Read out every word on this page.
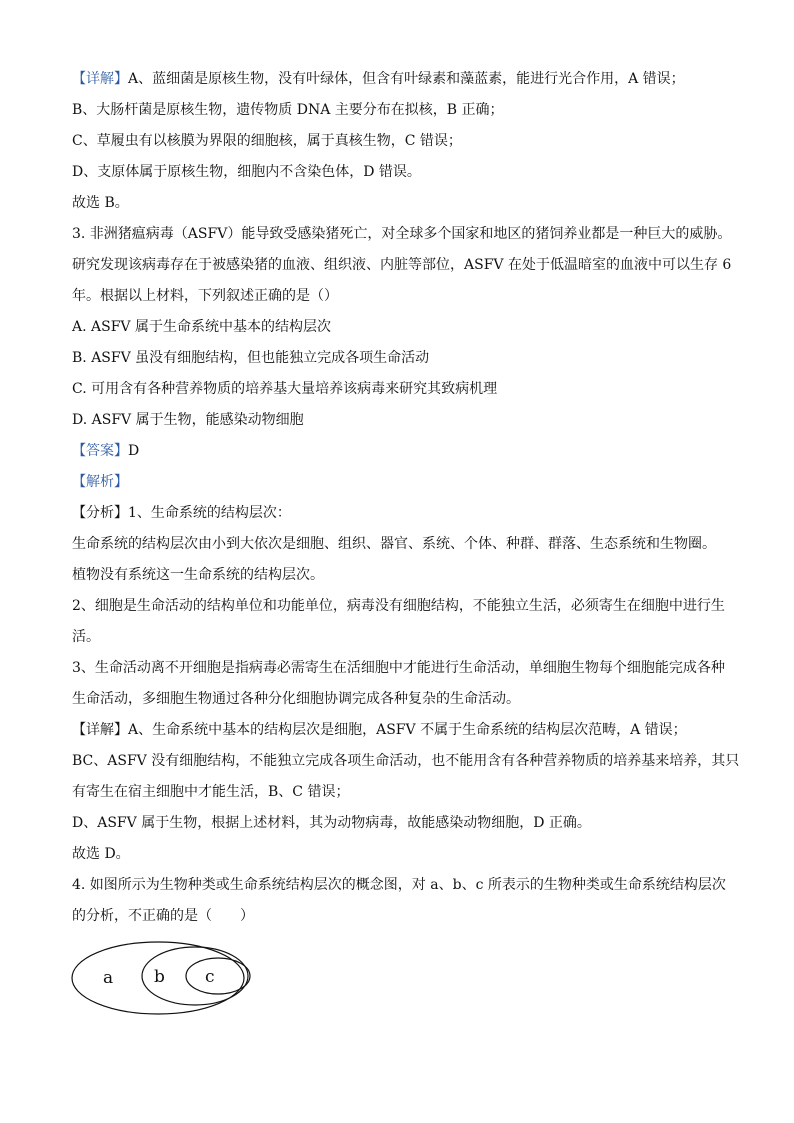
【详解】A、蓝细菌是原核生物，没有叶绿体，但含有叶绿素和藻蓝素，能进行光合作用，A 错误；

B、大肠杆菌是原核生物，遗传物质 DNA 主要分布在拟核，B 正确；

C、草履虫有以核膜为界限的细胞核，属于真核生物，C 错误；

D、支原体属于原核生物，细胞内不含染色体，D 错误。

故选 B。

3. 非洲猪瘟病毒（ASFV）能导致受感染猪死亡，对全球多个国家和地区的猪饲养业都是一种巨大的威胁。

研究发现该病毒存在于被感染猪的血液、组织液、内脏等部位，ASFV 在处于低温暗室的血液中可以生存 6

年。根据以上材料，下列叙述正确的是（）

A. ASFV 属于生命系统中基本的结构层次

B. ASFV 虽没有细胞结构，但也能独立完成各项生命活动

C. 可用含有各种营养物质的培养基大量培养该病毒来研究其致病机理

D. ASFV 属于生物，能感染动物细胞

【答案】D

【解析】

【分析】1、生命系统的结构层次：

生命系统的结构层次由小到大依次是细胞、组织、器官、系统、个体、种群、群落、生态系统和生物圈。

植物没有系统这一生命系统的结构层次。

2、细胞是生命活动的结构单位和功能单位，病毒没有细胞结构，不能独立生活，必须寄生在细胞中进行生

活。

3、生命活动离不开细胞是指病毒必需寄生在活细胞中才能进行生命活动，单细胞生物每个细胞能完成各种

生命活动，多细胞生物通过各种分化细胞协调完成各种复杂的生命活动。

【详解】A、生命系统中基本的结构层次是细胞，ASFV 不属于生命系统的结构层次范畴，A 错误；

BC、ASFV 没有细胞结构，不能独立完成各项生命活动，也不能用含有各种营养物质的培养基来培养，其只

有寄生在宿主细胞中才能生活，B、C 错误；

D、ASFV 属于生物，根据上述材料，其为动物病毒，故能感染动物细胞，D 正确。

故选 D。

4. 如图所示为生物种类或生命系统结构层次的概念图，对 a、b、c 所表示的生物种类或生命系统结构层次

的分析，不正确的是（　　）

a b c
